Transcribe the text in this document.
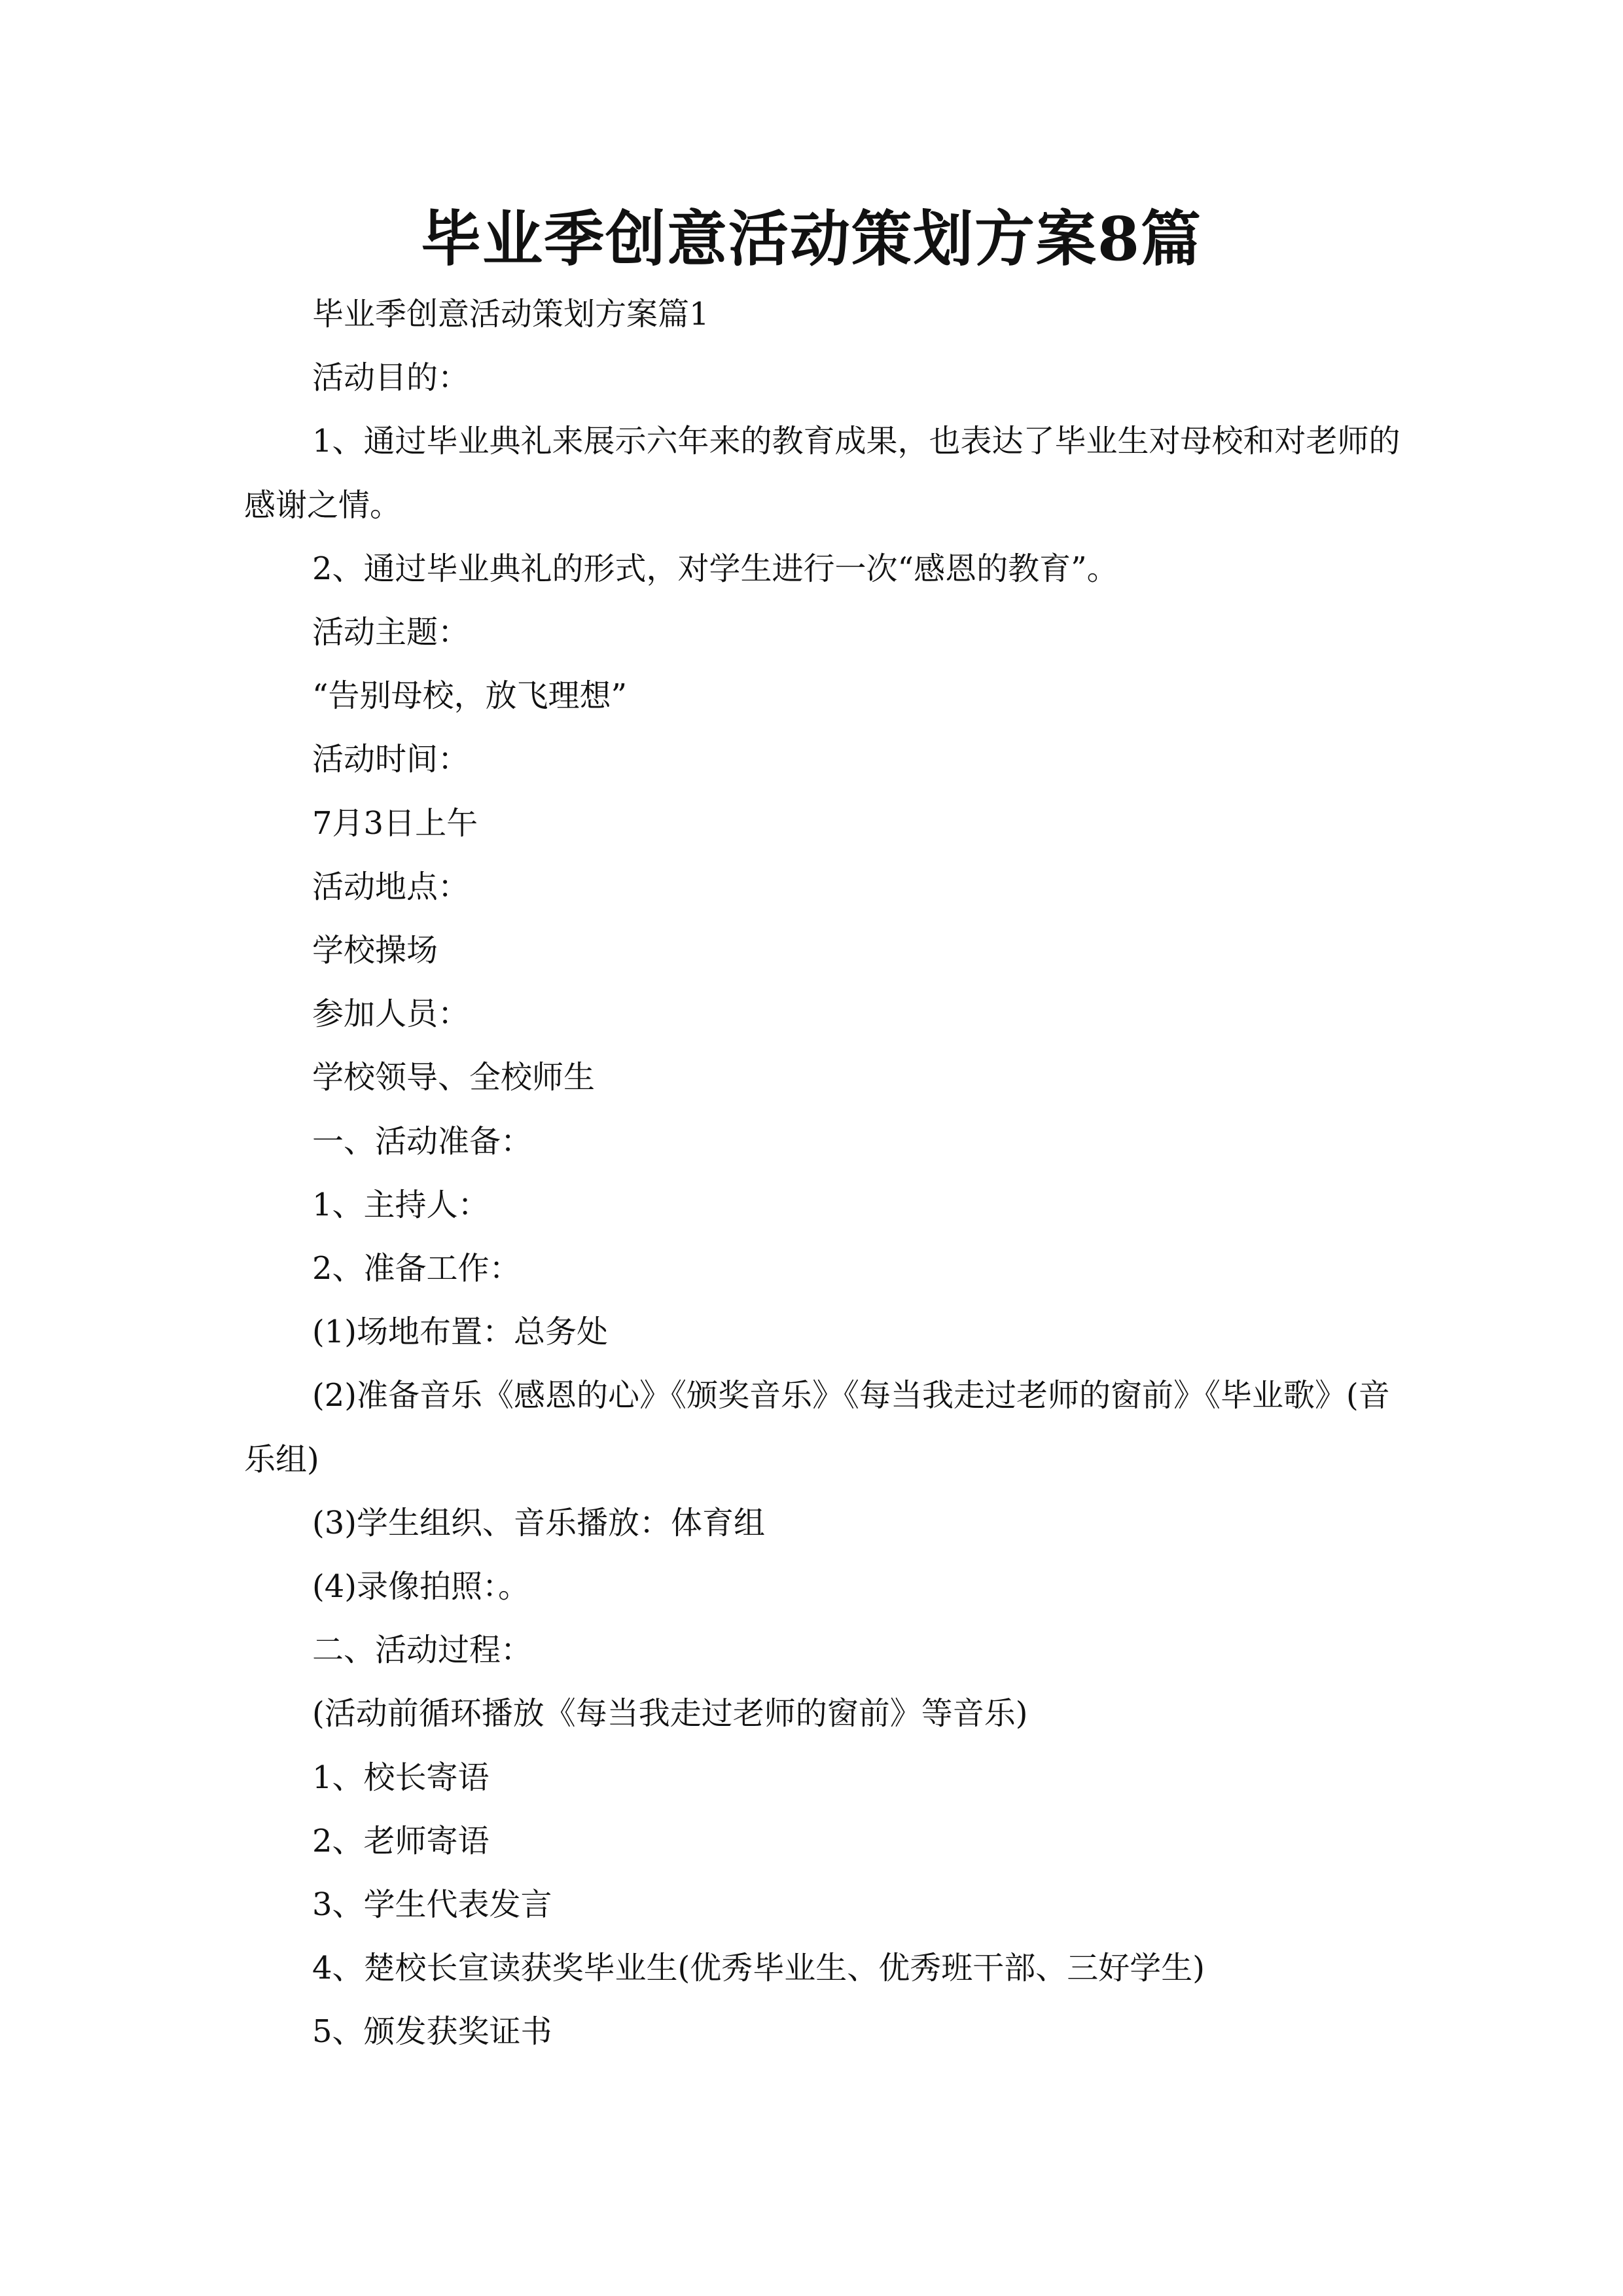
毕业季创意活动策划方案8篇

毕业季创意活动策划方案篇1

活动目的：

1、通过毕业典礼来展示六年来的教育成果，也表达了毕业生对母校和对老师的感谢之情。

2、通过毕业典礼的形式，对学生进行一次“感恩的教育”。

活动主题：

“告别母校，放飞理想”

活动时间：

7月3日上午

活动地点：

学校操场

参加人员：

学校领导、全校师生

一、活动准备：

1、主持人：

2、准备工作：

(1)场地布置：总务处

(2)准备音乐《感恩的心》《颁奖音乐》《每当我走过老师的窗前》《毕业歌》(音乐组)

(3)学生组织、音乐播放：体育组

(4)录像拍照：。

二、活动过程：

(活动前循环播放《每当我走过老师的窗前》等音乐)

1、校长寄语

2、老师寄语

3、学生代表发言

4、楚校长宣读获奖毕业生(优秀毕业生、优秀班干部、三好学生)

5、颁发获奖证书
